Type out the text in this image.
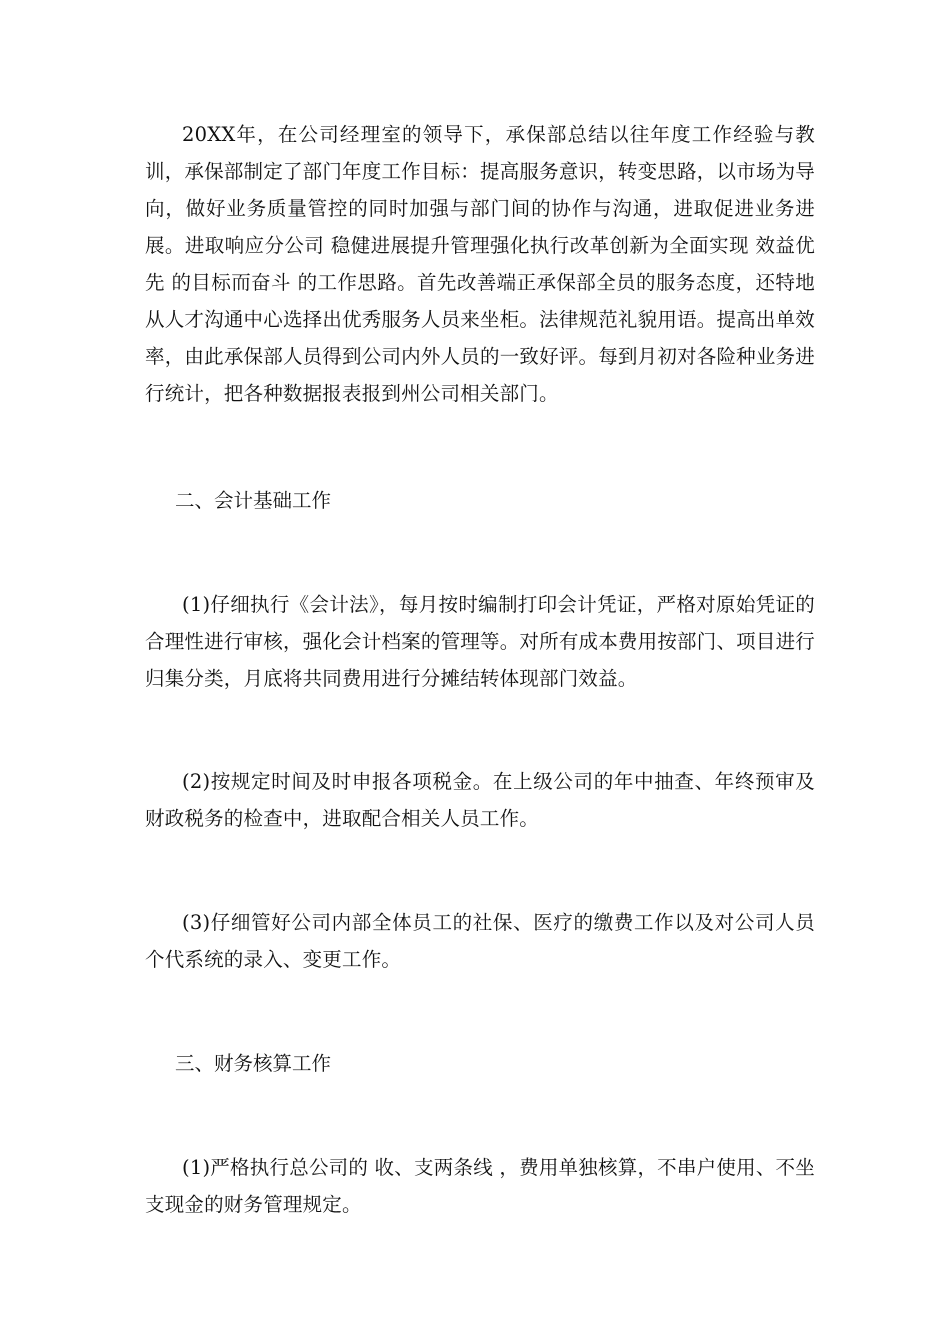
20XX年，在公司经理室的领导下，承保部总结以往年度工作经验与教训，承保部制定了部门年度工作目标：提高服务意识，转变思路，以市场为导向，做好业务质量管控的同时加强与部门间的协作与沟通，进取促进业务进展。进取响应分公司 稳健进展提升管理强化执行改革创新为全面实现 效益优先 的目标而奋斗 的工作思路。首先改善端正承保部全员的服务态度，还特地从人才沟通中心选择出优秀服务人员来坐柜。法律规范礼貌用语。提高出单效率，由此承保部人员得到公司内外人员的一致好评。每到月初对各险种业务进行统计，把各种数据报表报到州公司相关部门。

二、会计基础工作

(1)仔细执行《会计法》，每月按时编制打印会计凭证，严格对原始凭证的合理性进行审核，强化会计档案的管理等。对所有成本费用按部门、项目进行归集分类，月底将共同费用进行分摊结转体现部门效益。

(2)按规定时间及时申报各项税金。在上级公司的年中抽查、年终预审及财政税务的检查中，进取配合相关人员工作。

(3)仔细管好公司内部全体员工的社保、医疗的缴费工作以及对公司人员个代系统的录入、变更工作。

三、财务核算工作

(1)严格执行总公司的 收、支两条线 ，费用单独核算，不串户使用、不坐支现金的财务管理规定。
